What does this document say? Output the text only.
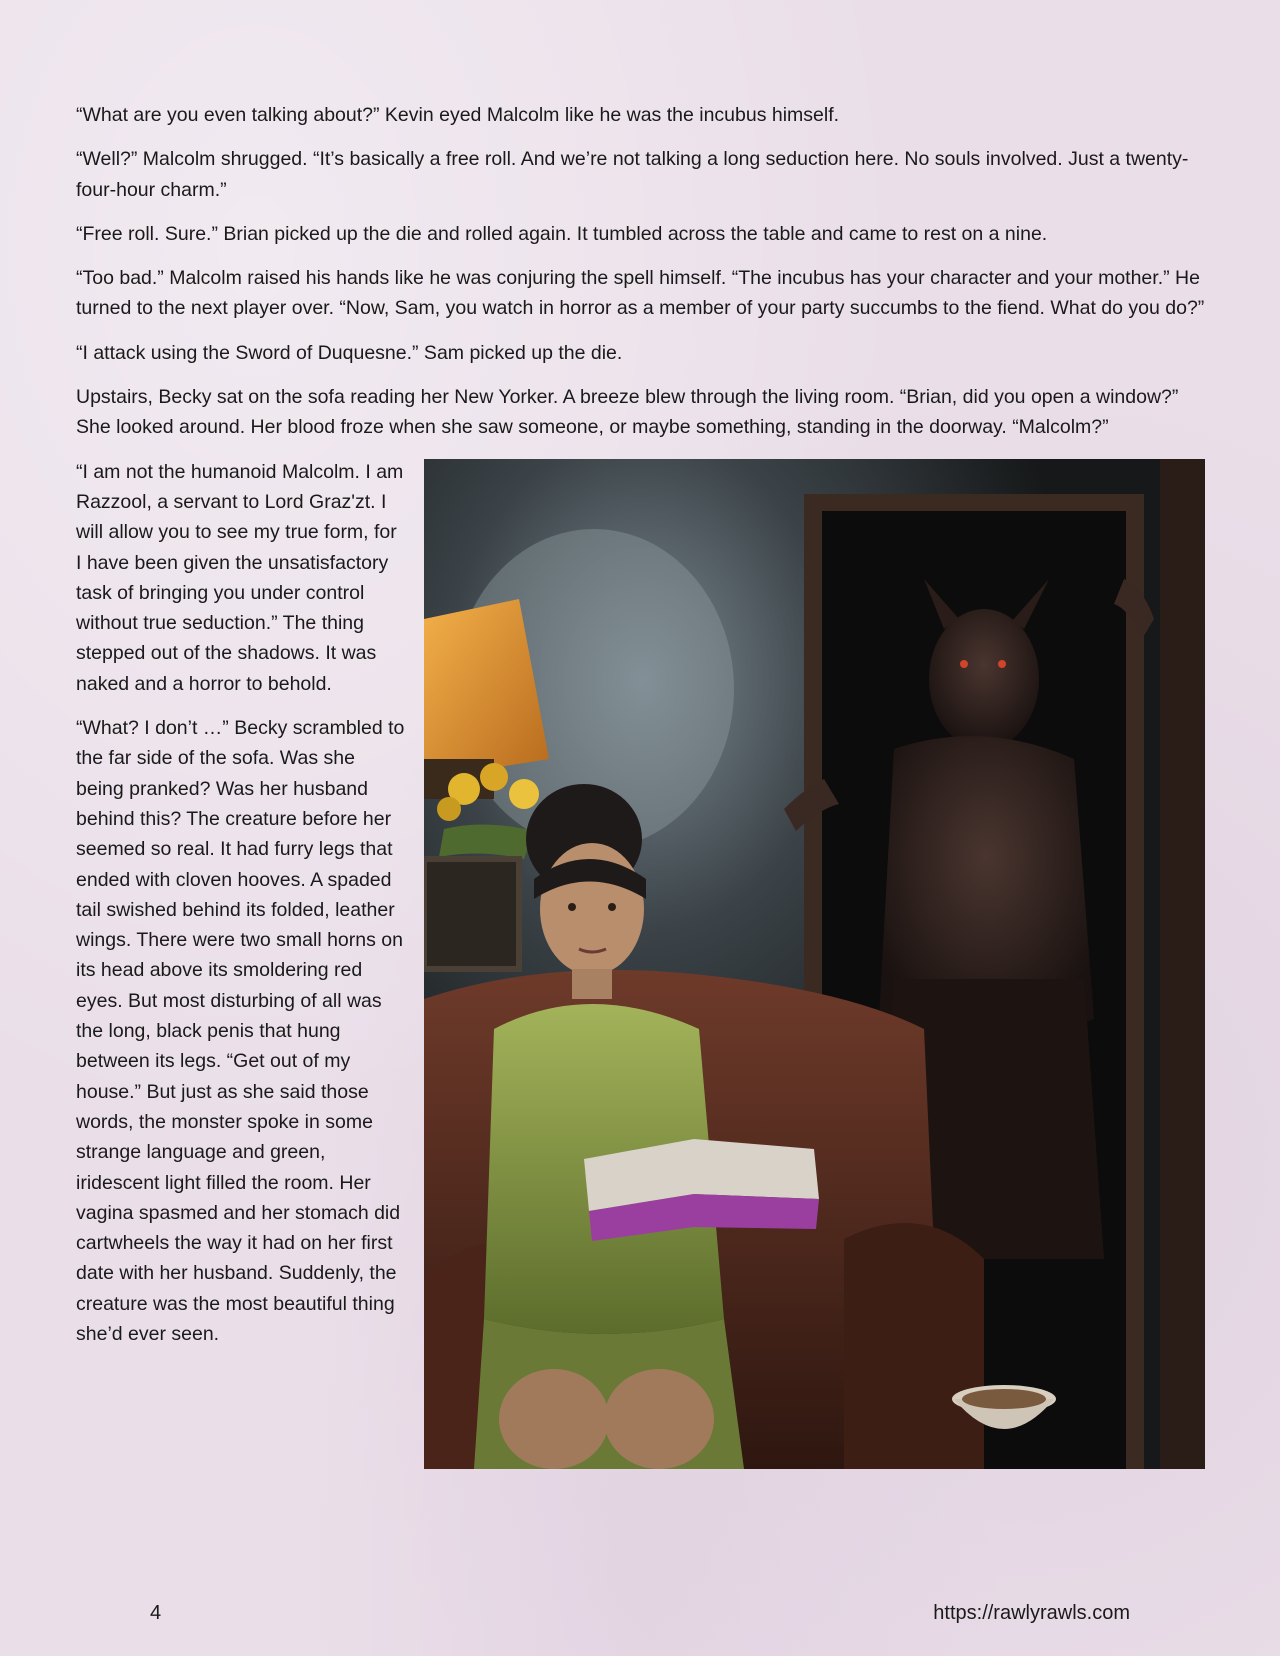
“What are you even talking about?” Kevin eyed Malcolm like he was the incubus himself.

“Well?” Malcolm shrugged. “It’s basically a free roll. And we’re not talking a long seduction here. No souls involved. Just a twenty-four-hour charm.”

“Free roll. Sure.” Brian picked up the die and rolled again. It tumbled across the table and came to rest on a nine.

“Too bad.” Malcolm raised his hands like he was conjuring the spell himself. “The incubus has your character and your mother.” He turned to the next player over. “Now, Sam, you watch in horror as a member of your party succumbs to the fiend. What do you do?”

“I attack using the Sword of Duquesne.” Sam picked up the die.

Upstairs, Becky sat on the sofa reading her New Yorker. A breeze blew through the living room. “Brian, did you open a window?” She looked around. Her blood froze when she saw someone, or maybe something, standing in the doorway. “Malcolm?”

“I am not the humanoid Malcolm. I am Razzool, a servant to Lord Graz'zt. I will allow you to see my true form, for I have been given the unsatisfactory task of bringing you under control without true seduction.” The thing stepped out of the shadows. It was naked and a horror to behold.

“What? I don’t …” Becky scrambled to the far side of the sofa. Was she being pranked? Was her husband behind this? The creature before her seemed so real. It had furry legs that ended with cloven hooves. A spaded tail swished behind its folded, leather wings. There were two small horns on its head above its smoldering red eyes. But most disturbing of all was the long, black penis that hung between its legs. “Get out of my house.” But just as she said those words, the monster spoke in some strange language and green, iridescent light filled the room. Her vagina spasmed and her stomach did cartwheels the way it had on her first date with her husband. Suddenly, the creature was the most beautiful thing she’d ever seen.

4	https://rawlyrawls.com
